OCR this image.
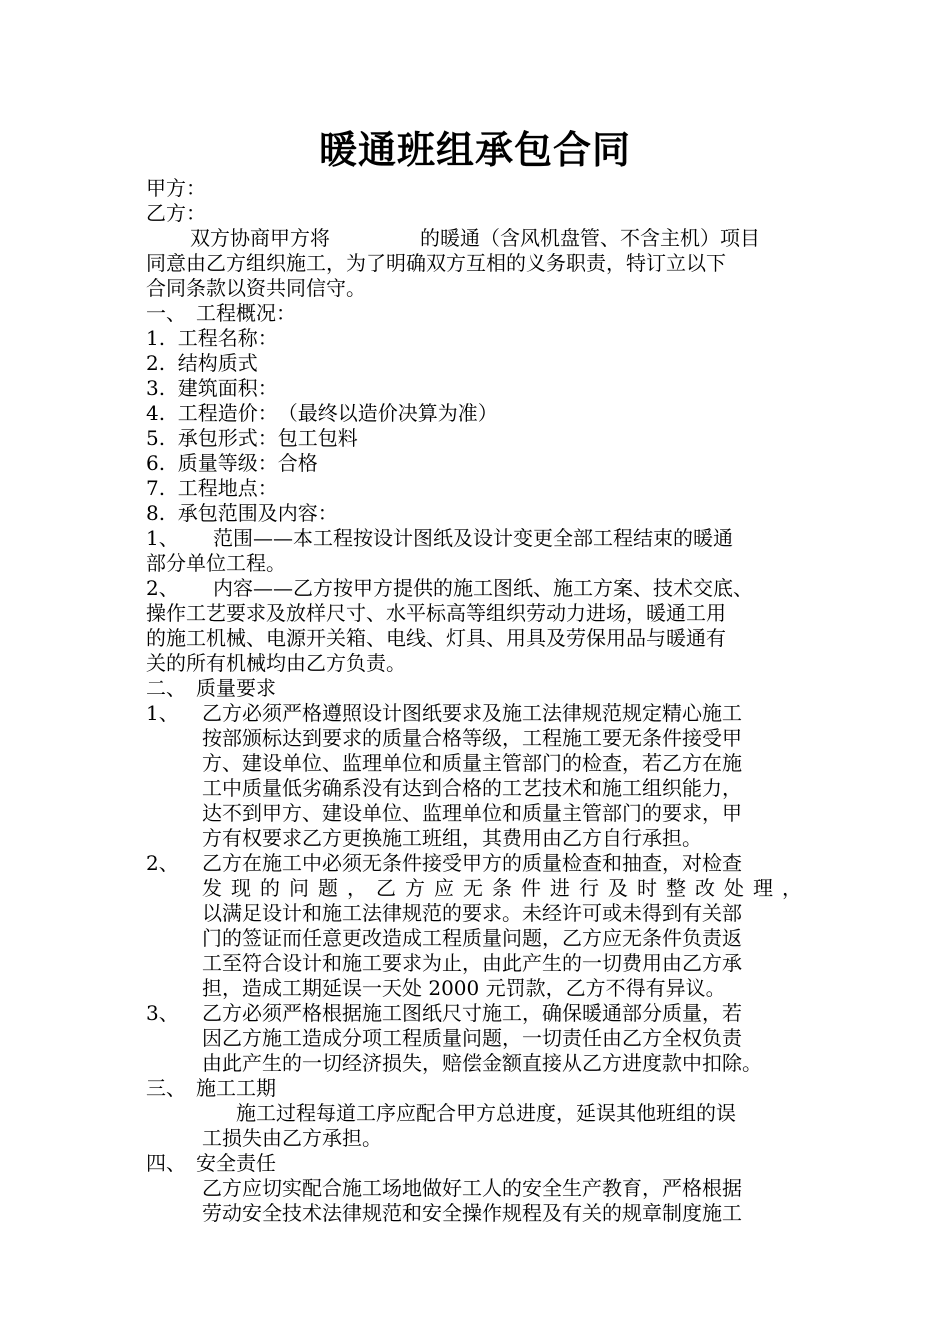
暖通班组承包合同
甲方：
乙方：
双方协商甲方将	的暖通（含风机盘管、不含主机）项目
同意由乙方组织施工，为了明确双方互相的义务职责，特订立以下
合同条款以资共同信守。
一、　工程概况：
1.  工程名称：
2.  结构质式
3.  建筑面积：
4.  工程造价：　（最终以造价决算为准）
5.  承包形式：包工包料
6.  质量等级：合格
7.  工程地点：
8.  承包范围及内容：
1、 范围——本工程按设计图纸及设计变更全部工程结束的暖通
部分单位工程。
2、 内容——乙方按甲方提供的施工图纸、施工方案、技术交底、
操作工艺要求及放样尺寸、水平标高等组织劳动力进场，暖通工用
的施工机械、电源开关箱、电线、灯具、用具及劳保用品与暖通有
关的所有机械均由乙方负责。
二、　质量要求
1、 乙方必须严格遵照设计图纸要求及施工法律规范规定精心施工
按部颁标达到要求的质量合格等级，工程施工要无条件接受甲
方、建设单位、监理单位和质量主管部门的检查，若乙方在施
工中质量低劣确系没有达到合格的工艺技术和施工组织能力，
达不到甲方、建设单位、监理单位和质量主管部门的要求，甲
方有权要求乙方更换施工班组，其费用由乙方自行承担。
2、 乙方在施工中必须无条件接受甲方的质量检查和抽查，对检查
发现的问题，乙方应无条件进行及时整改处理，
以满足设计和施工法律规范的要求。未经许可或未得到有关部
门的签证而任意更改造成工程质量问题，乙方应无条件负责返
工至符合设计和施工要求为止，由此产生的一切费用由乙方承
担，造成工期延误一天处 2000 元罚款，乙方不得有异议。
3、 乙方必须严格根据施工图纸尺寸施工，确保暖通部分质量，若
因乙方施工造成分项工程质量问题，一切责任由乙方全权负责
由此产生的一切经济损失，赔偿金额直接从乙方进度款中扣除。
三、　施工工期
施工过程每道工序应配合甲方总进度，延误其他班组的误
工损失由乙方承担。
四、　安全责任
乙方应切实配合施工场地做好工人的安全生产教育，严格根据
劳动安全技术法律规范和安全操作规程及有关的规章制度施工
